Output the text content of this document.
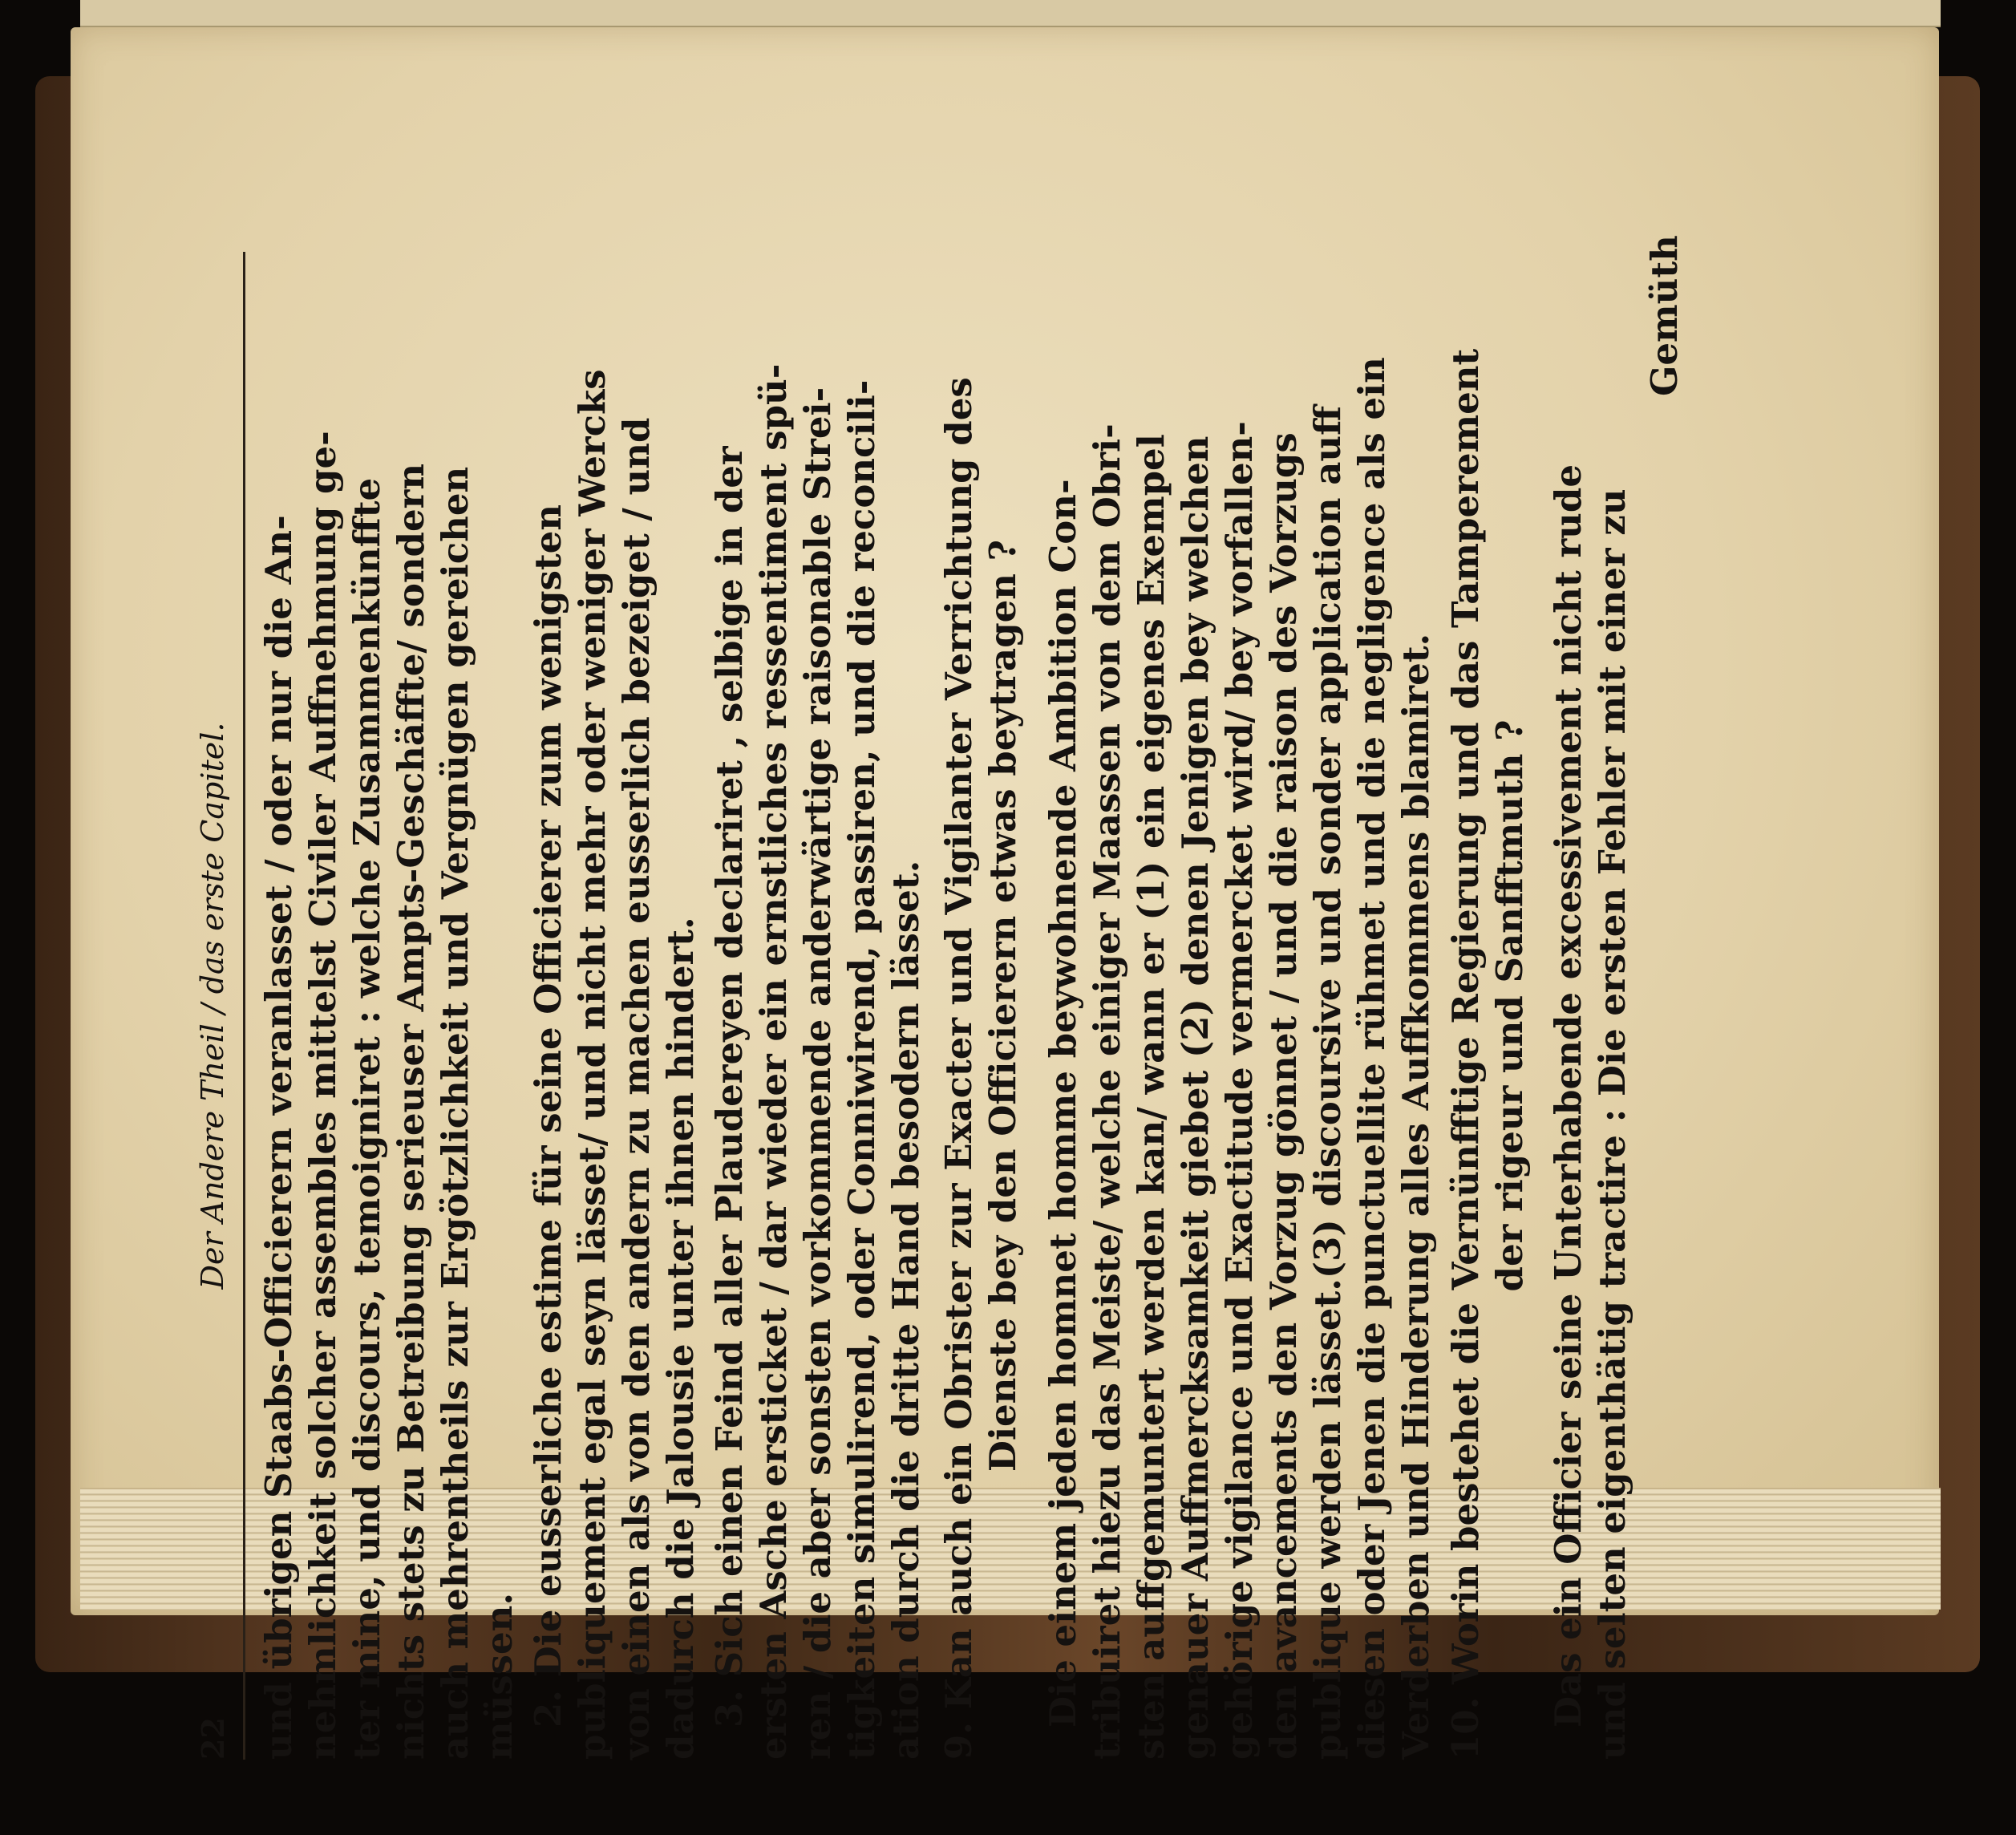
22
Der Andere Theil / das erste Capitel. und übrigen Staabs-Officierern veranlasset / oder nur die An- nehmlichkeit solcher assembles mittelst Civiler Auffnehmung ge- ter mine, und discours, temoigniret : welche Zusammenkünffte nichts stets zu Betreibung serieuser Ampts-Geschäffte/ sondern auch mehrentheils zur Ergötzlichkeit und Vergnügen gereichen müssen. 2. Die eusserliche estime für seine Officierer zum wenigsten publiquement egal seyn lässet/ und nicht mehr oder weniger Wercks von einen als von den andern zu machen eusserlich bezeiget / und dadurch die Jalousie unter ihnen hindert. 3. Sich einen Feind aller Plaudereyen declariret , selbige in der ersten Asche ersticket / dar wieder ein ernstliches ressentiment spü- ren / die aber sonsten vorkommende anderwärtige raisonable Strei- tigkeiten simulirend, oder Conniwirend, passiren, und die reconcili- ation durch die dritte Hand besodern lässet. 9. Kan auch ein Obrister zur Exacter und Vigilanter Verrichtung des Dienste bey den Officierern etwas beytragen ? Die einem jeden homnet homme beywohnende Ambition Con- tribuiret hiezu das Meiste/ welche einiger Maassen von dem Obri- sten auffgemuntert werden kan/ wann er (1) ein eigenes Exempel genauer Auffmercksamkeit giebet (2) denen Jenigen bey welchen gehörige vigilance und Exactitude vermercket wird/ bey vorfallen- den avancements den Vorzug gönnet / und die raison des Vorzugs publique werden lässet.(3) discoursive und sonder application auff diesen oder Jenen die punctuellite rühmet und die negligence als ein Verderben und Hinderung alles Auffkommens blamiret. 10. Worin bestehet die Vernünfftige Regierung und das Tamperement der rigeur und Sanfftmuth ? Das ein Officier seine Unterhabende excessivement nicht rude und selten eigenthätig tractire : Die ersten Fehler mit einer zu
Gemüth
